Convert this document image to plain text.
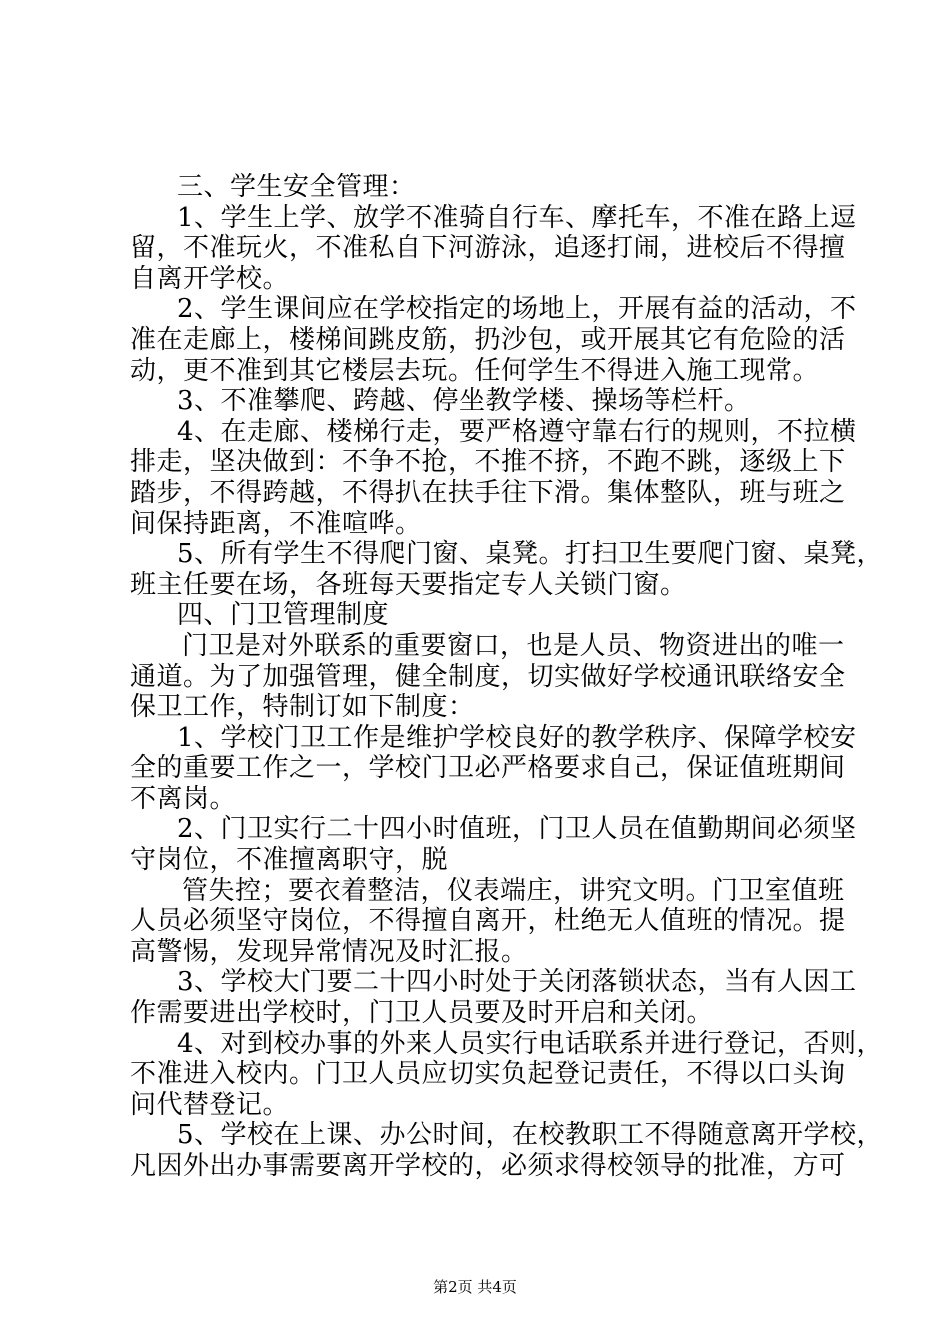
三、学生安全管理：
1、学生上学、放学不准骑自行车、摩托车，不准在路上逗
留，不准玩火，不准私自下河游泳，追逐打闹，进校后不得擅
自离开学校。
2、学生课间应在学校指定的场地上，开展有益的活动，不
准在走廊上，楼梯间跳皮筋，扔沙包，或开展其它有危险的活
动，更不准到其它楼层去玩。任何学生不得进入施工现常。
3、不准攀爬、跨越、停坐教学楼、操场等栏杆。
4、在走廊、楼梯行走，要严格遵守靠右行的规则，不拉横
排走，坚决做到：不争不抢，不推不挤，不跑不跳，逐级上下
踏步，不得跨越，不得扒在扶手往下滑。集体整队，班与班之
间保持距离，不准喧哗。
5、所有学生不得爬门窗、桌凳。打扫卫生要爬门窗、桌凳，
班主任要在场，各班每天要指定专人关锁门窗。
四、门卫管理制度
门卫是对外联系的重要窗口，也是人员、物资进出的唯一
通道。为了加强管理，健全制度，切实做好学校通讯联络安全
保卫工作，特制订如下制度：
1、学校门卫工作是维护学校良好的教学秩序、保障学校安
全的重要工作之一，学校门卫必严格要求自己，保证值班期间
不离岗。
2、门卫实行二十四小时值班，门卫人员在值勤期间必须坚
守岗位，不准擅离职守，脱
管失控；要衣着整洁，仪表端庄，讲究文明。门卫室值班
人员必须坚守岗位，不得擅自离开，杜绝无人值班的情况。提
高警惕，发现异常情况及时汇报。
3、学校大门要二十四小时处于关闭落锁状态，当有人因工
作需要进出学校时，门卫人员要及时开启和关闭。
4、对到校办事的外来人员实行电话联系并进行登记，否则，
不准进入校内。门卫人员应切实负起登记责任，不得以口头询
问代替登记。
5、学校在上课、办公时间，在校教职工不得随意离开学校，
凡因外出办事需要离开学校的，必须求得校领导的批准，方可
第2页 共4页
